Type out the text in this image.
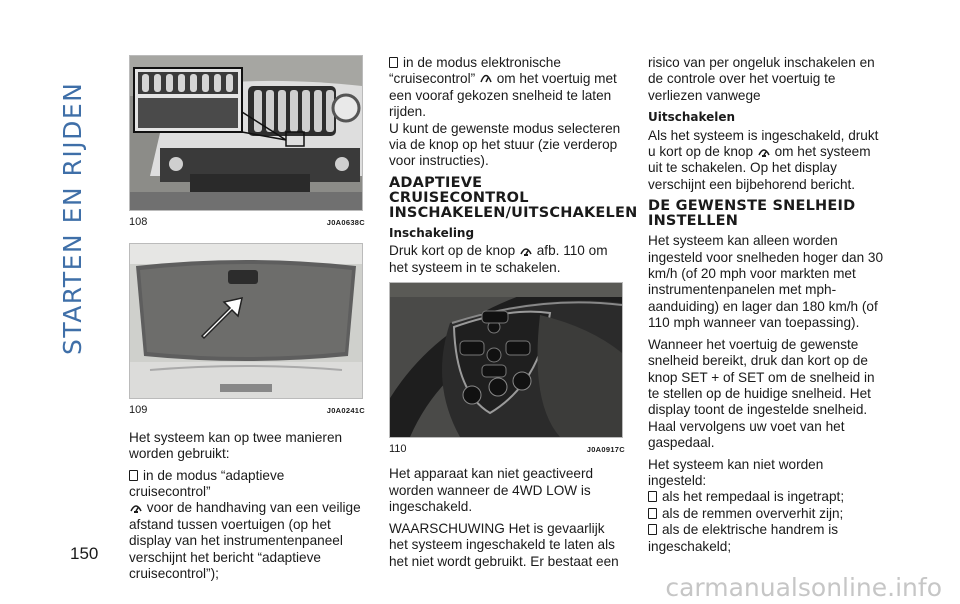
STARTEN EN RIJDEN
150
108	J0A0638C
109	J0A0241C

Het systeem kan op twee manieren worden gebruikt:

in de modus “adaptieve cruisecontrol”

voor de handhaving van een veilige afstand tussen voertuigen (op het display van het instrumentenpaneel verschijnt het bericht “adaptieve cruisecontrol”);

in de modus elektronische “cruisecontrol” om het voertuig met een vooraf gekozen snelheid te laten rijden.

U kunt de gewenste modus selecteren via de knop op het stuur (zie verderop voor instructies).

ADAPTIEVE CRUISECONTROL INSCHAKELEN/UITSCHAKELEN
Inschakeling

Druk kort op de knop afb. 110 om het systeem in te schakelen.

110	J0A0917C

Het apparaat kan niet geactiveerd worden wanneer de 4WD LOW is ingeschakeld.

WAARSCHUWING Het is gevaarlijk het systeem ingeschakeld te laten als het niet wordt gebruikt. Er bestaat een

risico van per ongeluk inschakelen en de controle over het voertuig te verliezen vanwege

Uitschakelen

Als het systeem is ingeschakeld, drukt u kort op de knop om het systeem uit te schakelen. Op het display verschijnt een bijbehorend bericht.

DE GEWENSTE SNELHEID INSTELLEN

Het systeem kan alleen worden ingesteld voor snelheden hoger dan 30 km/h (of 20 mph voor markten met instrumentenpanelen met mph-aanduiding) en lager dan 180 km/h (of 110 mph wanneer van toepassing).

Wanneer het voertuig de gewenste snelheid bereikt, druk dan kort op de knop SET + of SET om de snelheid in te stellen op de huidige snelheid. Het display toont de ingestelde snelheid. Haal vervolgens uw voet van het gaspedaal.

Het systeem kan niet worden ingesteld:

als het rempedaal is ingetrapt;
als de remmen oververhit zijn;
als de elektrische handrem is ingeschakeld;
carmanualsonline.info
